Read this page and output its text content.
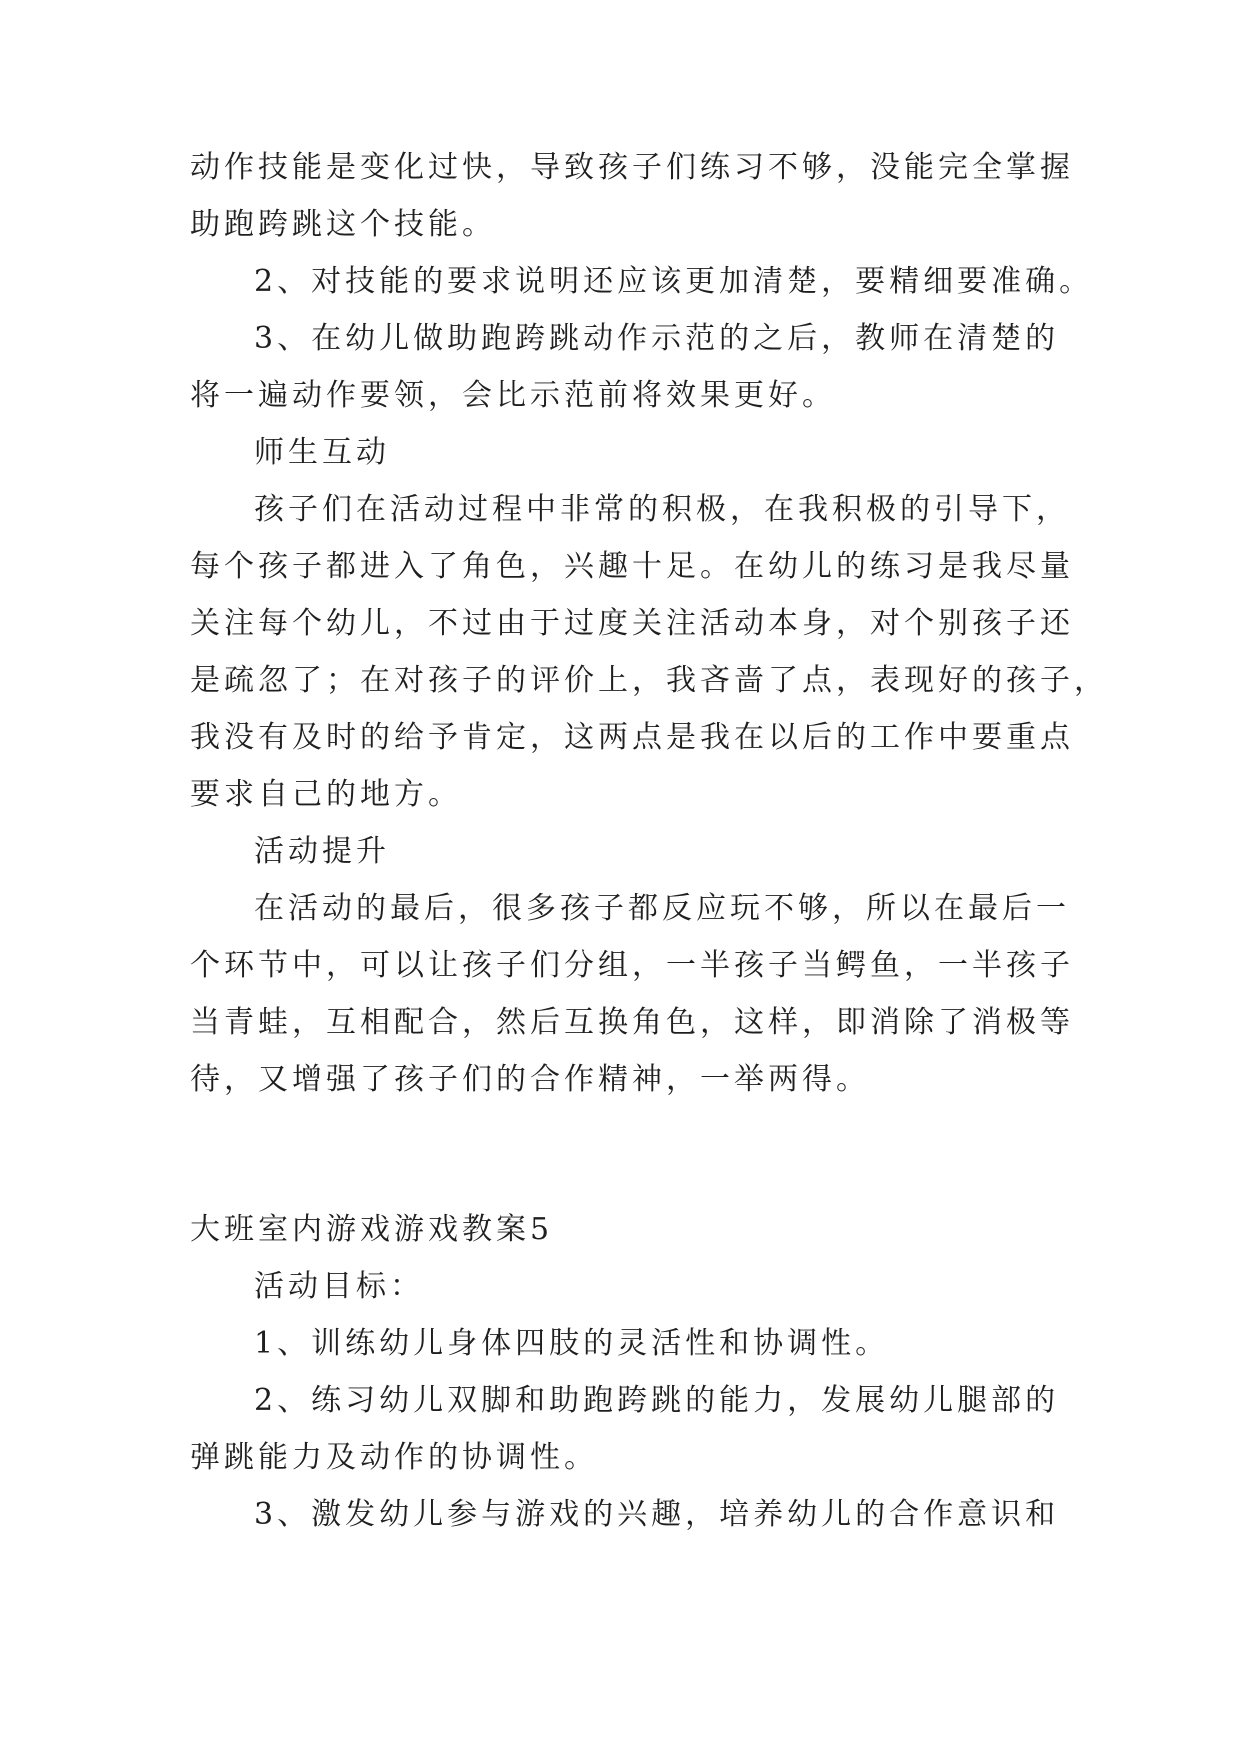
动作技能是变化过快，导致孩子们练习不够，没能完全掌握
助跑跨跳这个技能。
2、对技能的要求说明还应该更加清楚，要精细要准确。
3、在幼儿做助跑跨跳动作示范的之后，教师在清楚的
将一遍动作要领，会比示范前将效果更好。
师生互动
孩子们在活动过程中非常的积极，在我积极的引导下，
每个孩子都进入了角色，兴趣十足。在幼儿的练习是我尽量
关注每个幼儿，不过由于过度关注活动本身，对个别孩子还
是疏忽了；在对孩子的评价上，我吝啬了点，表现好的孩子，
我没有及时的给予肯定，这两点是我在以后的工作中要重点
要求自己的地方。
活动提升
在活动的最后，很多孩子都反应玩不够，所以在最后一
个环节中，可以让孩子们分组，一半孩子当鳄鱼，一半孩子
当青蛙，互相配合，然后互换角色，这样，即消除了消极等
待，又增强了孩子们的合作精神，一举两得。
大班室内游戏游戏教案5
活动目标：
1、训练幼儿身体四肢的灵活性和协调性。
2、练习幼儿双脚和助跑跨跳的能力，发展幼儿腿部的
弹跳能力及动作的协调性。
3、激发幼儿参与游戏的兴趣，培养幼儿的合作意识和
